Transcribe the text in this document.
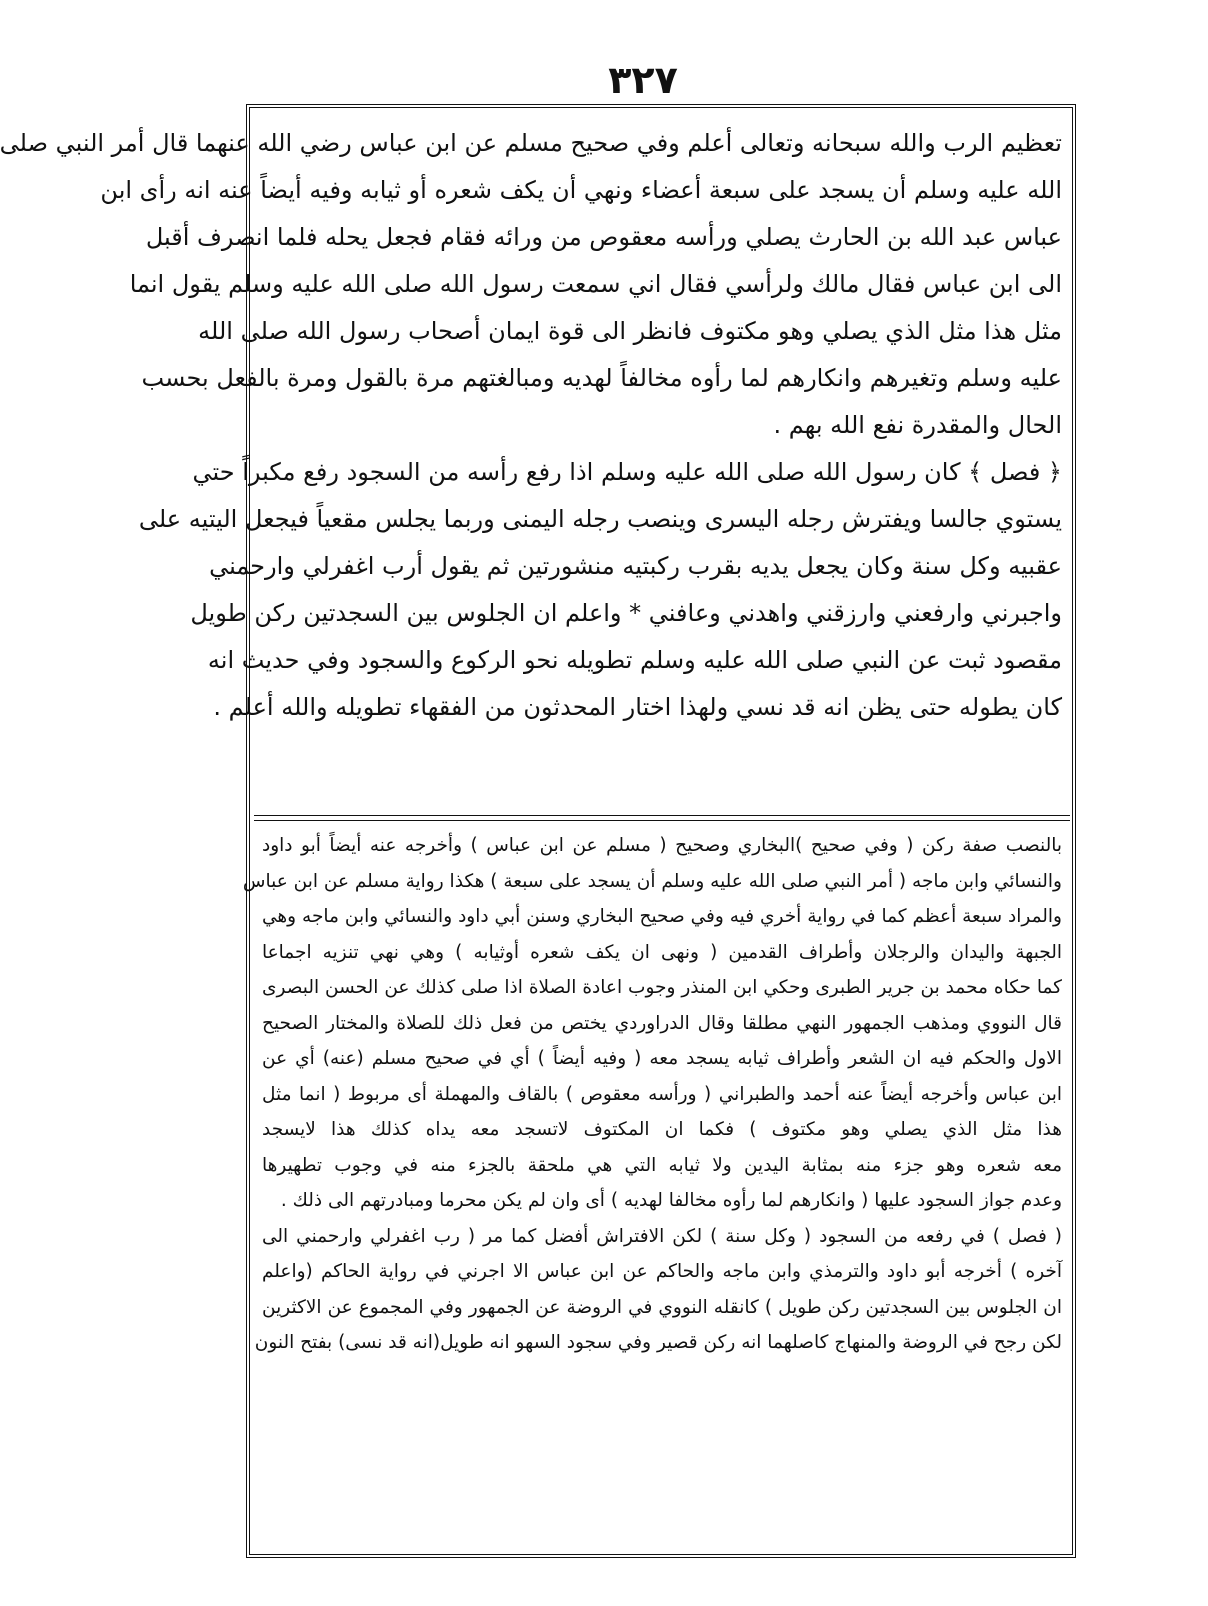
٣٢٧
تعظيم الرب والله سبحانه وتعالى أعلم وفي صحيح مسلم عن ابن عباس رضي الله عنهما قال أمر النبي صلى
الله عليه وسلم أن يسجد على سبعة أعضاء ونهي أن يكف شعره أو ثيابه وفيه أيضاً عنه انه رأى ابن
عباس عبد الله بن الحارث يصلي ورأسه معقوص من ورائه فقام فجعل يحله فلما انصرف أقبل
الى ابن عباس فقال مالك ولرأسي فقال اني سمعت رسول الله صلى الله عليه وسلم يقول انما
مثل هذا مثل الذي يصلي وهو مكتوف فانظر الى قوة ايمان أصحاب رسول الله صلى الله
عليه وسلم وتغيرهم وانكارهم لما رأوه مخالفاً لهديه ومبالغتهم مرة بالقول ومرة بالفعل بحسب
الحال والمقدرة نفع الله بهم .
﴿ فصل ﴾ كان رسول الله صلى الله عليه وسلم اذا رفع رأسه من السجود رفع مكبراً حتي
يستوي جالسا ويفترش رجله اليسرى وينصب رجله اليمنى وربما يجلس مقعياً فيجعل اليتيه على
عقبيه وكل سنة وكان يجعل يديه بقرب ركبتيه منشورتين ثم يقول أرب اغفرلي وارحمني
واجبرني وارفعني وارزقني واهدني وعافني * واعلم ان الجلوس بين السجدتين ركن طويل
مقصود ثبت عن النبي صلى الله عليه وسلم تطويله نحو الركوع والسجود وفي حديث انه
كان يطوله حتى يظن انه قد نسي ولهذا اختار المحدثون من الفقهاء تطويله والله أعلم .
بالنصب صفة ركن ( وفي صحيح )البخاري وصحيح ( مسلم عن ابن عباس ) وأخرجه عنه أيضاً أبو داود
والنسائي وابن ماجه ( أمر النبي صلى الله عليه وسلم أن يسجد على سبعة ) هكذا رواية مسلم عن ابن عباس
والمراد سبعة أعظم كما في رواية أخري فيه وفي صحيح البخاري وسنن أبي داود والنسائي وابن ماجه وهي
الجبهة واليدان والرجلان وأطراف القدمين ( ونهى ان يكف شعره أوثيابه ) وهي نهي تنزيه اجماعا
كما حكاه محمد بن جرير الطبرى وحكي ابن المنذر وجوب اعادة الصلاة اذا صلى كذلك عن الحسن البصرى
قال النووي ومذهب الجمهور النهي مطلقا وقال الدراوردي يختص من فعل ذلك للصلاة والمختار الصحيح
الاول والحكم فيه ان الشعر وأطراف ثيابه يسجد معه ( وفيه أيضاً ) أي في صحيح مسلم (عنه) أي عن
ابن عباس وأخرجه أيضاً عنه أحمد والطبراني ( ورأسه معقوص ) بالقاف والمهملة أى مربوط ( انما مثل
هذا مثل الذي يصلي وهو مكتوف ) فكما ان المكتوف لاتسجد معه يداه كذلك هذا لايسجد
معه شعره وهو جزء منه بمثابة اليدين ولا ثيابه التي هي ملحقة بالجزء منه في وجوب تطهيرها
وعدم جواز السجود عليها ( وانكارهم لما رأوه مخالفا لهديه ) أى وان لم يكن محرما ومبادرتهم الى ذلك .
( فصل ) في رفعه من السجود ( وكل سنة ) لكن الافتراش أفضل كما مر ( رب اغفرلي وارحمني الى
آخره ) أخرجه أبو داود والترمذي وابن ماجه والحاكم عن ابن عباس الا اجرني في رواية الحاكم (واعلم
ان الجلوس بين السجدتين ركن طويل ) كانقله النووي في الروضة عن الجمهور وفي المجموع عن الاكثرين
لكن رجح في الروضة والمنهاج كاصلهما انه ركن قصير وفي سجود السهو انه طويل(انه قد نسى) بفتح النون
